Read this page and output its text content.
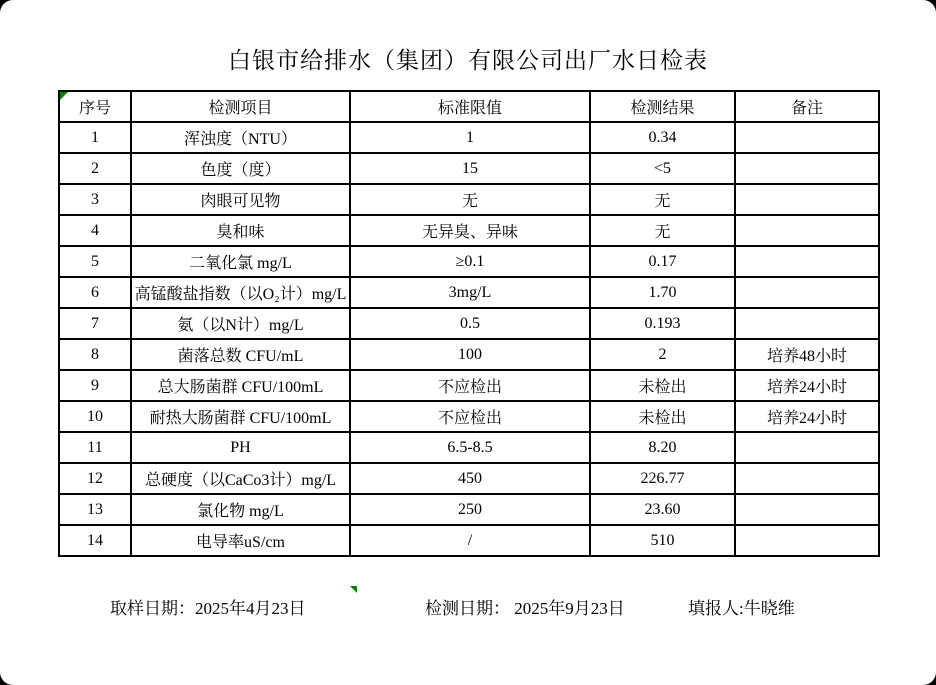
白银市给排水（集团）有限公司出厂水日检表
序号	检测项目	标准限值	检测结果	备注
1	浑浊度（NTU）	1	0.34	
2	色度（度）	15	<5	
3	肉眼可见物	无	无	
4	臭和味	无异臭、异味	无	
5	二氧化氯 mg/L	≥0.1	0.17	
6	高锰酸盐指数（以O₂计）mg/L	3mg/L	1.70	
7	氨（以N计）mg/L	0.5	0.193	
8	菌落总数 CFU/mL	100	2	培养48小时
9	总大肠菌群 CFU/100mL	不应检出	未检出	培养24小时
10	耐热大肠菌群 CFU/100mL	不应检出	未检出	培养24小时
11	PH	6.5-8.5	8.20	
12	总硬度（以CaCo3计）mg/L	450	226.77	
13	氯化物 mg/L	250	23.60	
14	电导率uS/cm	/	510	
取样日期：2025年4月23日	检测日期： 2025年9月23日	填报人:牛晓维
